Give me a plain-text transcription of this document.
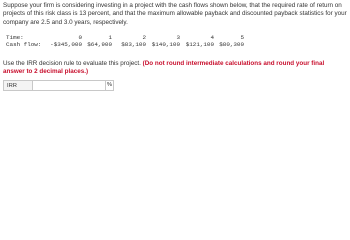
Suppose your firm is considering investing in a project with the cash flows shown below, that the required rate of return on projects of this risk class is 13 percent, and that the maximum allowable payback and discounted payback statistics for your company are 2.5 and 3.0 years, respectively.

Time:	0	1	2	3	4	5
Cash flow:	-$345,000	$64,900	$83,100	$140,100	$121,100	$80,300

Use the IRR decision rule to evaluate this project. (Do not round intermediate calculations and round your final answer to 2 decimal places.)

IRR	%
